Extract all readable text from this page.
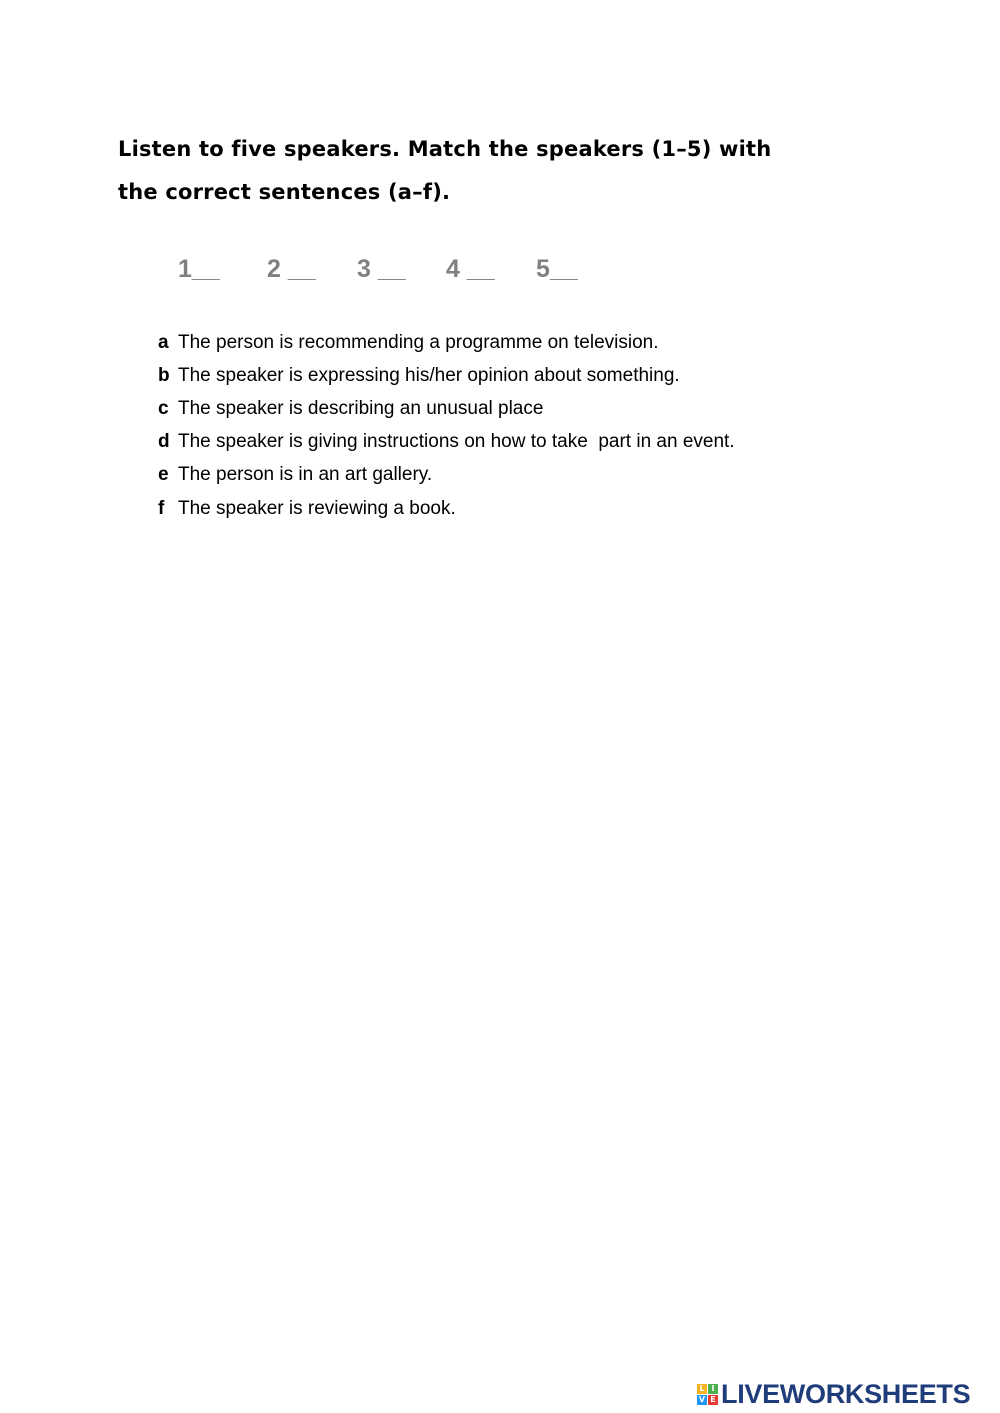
Listen to five speakers. Match the speakers (1–5) with
the correct sentences (a–f).
1__ 2 __ 3 __ 4 __ 5__
a The person is recommending a programme on television.
b The speaker is expressing his/her opinion about something.
c The speaker is describing an unusual place
d The speaker is giving instructions on how to take  part in an event.
e The person is in an art gallery.
f The speaker is reviewing a book.
L I
V E LIVEWORKSHEETS
